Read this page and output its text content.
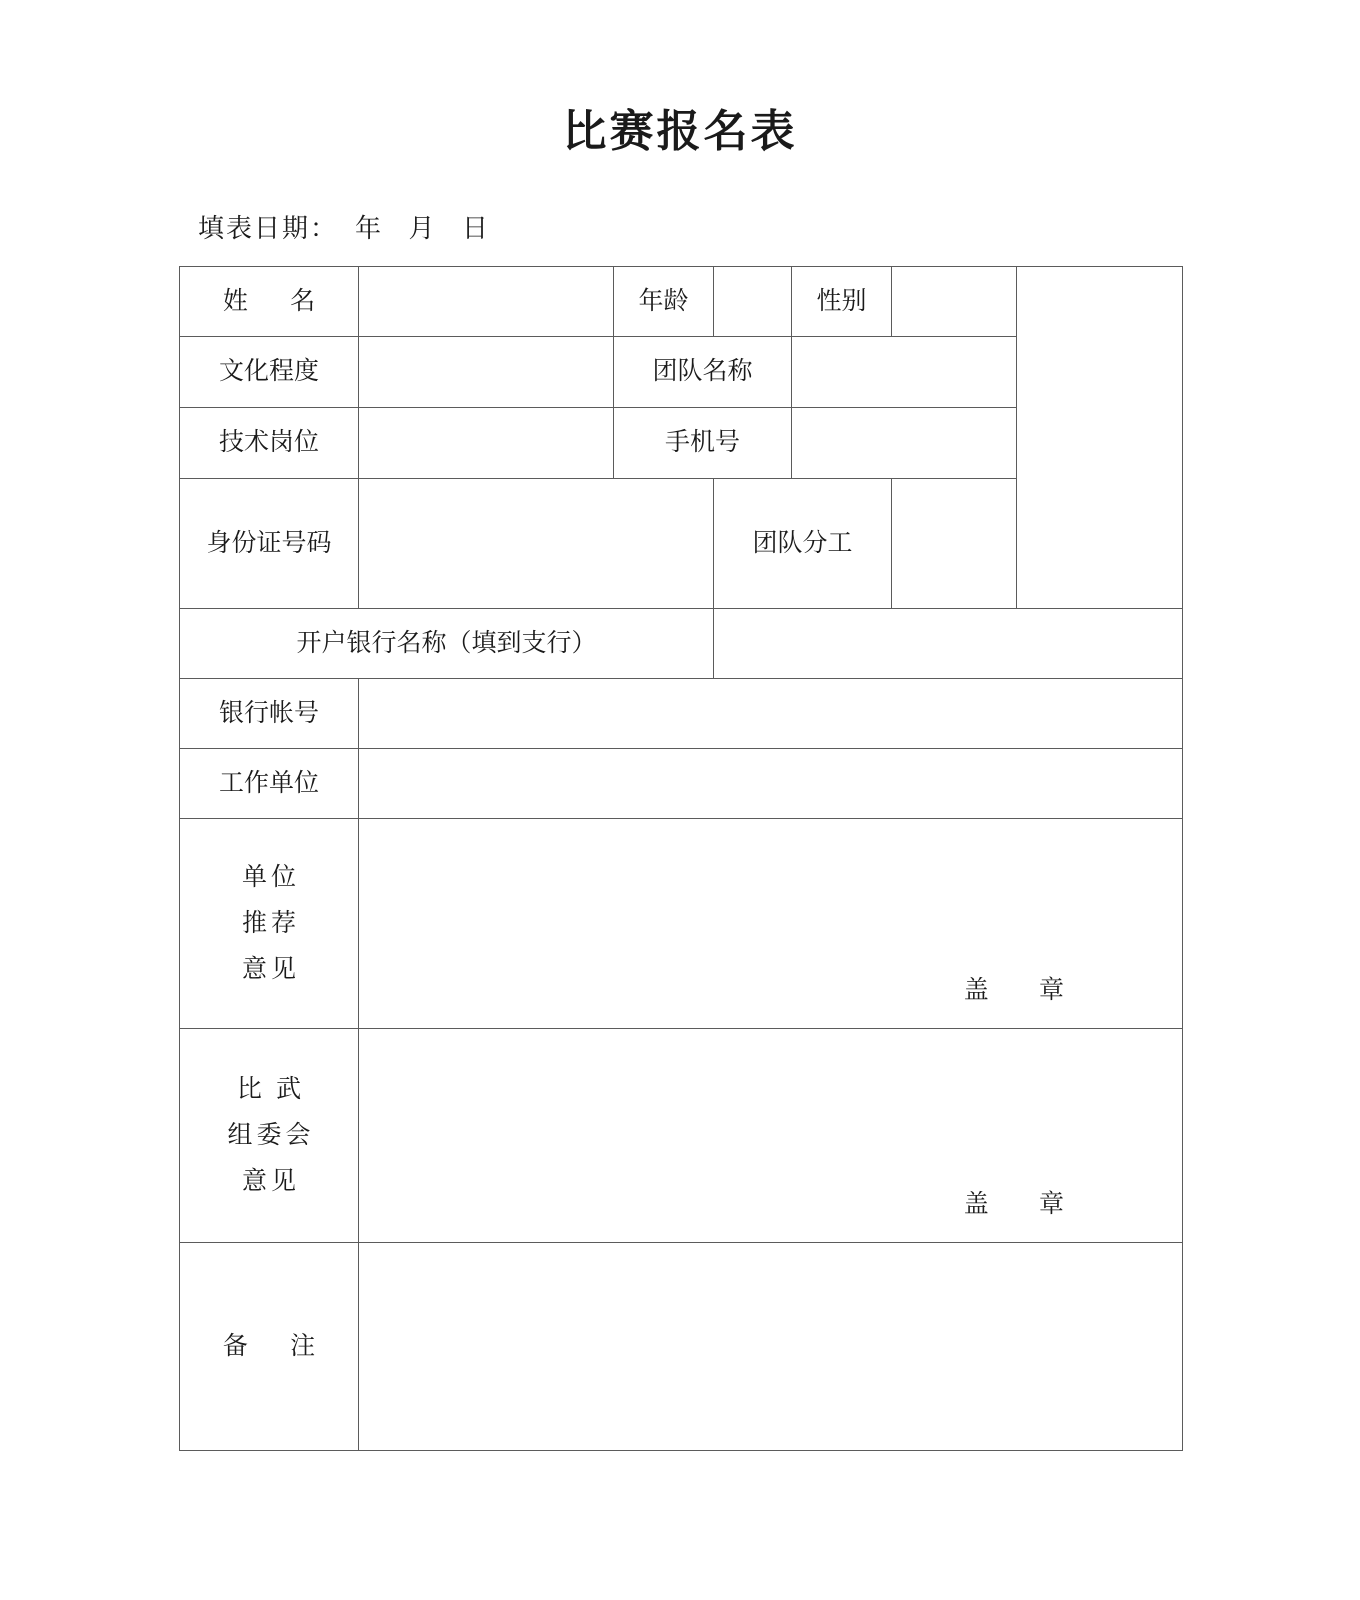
比赛报名表
填表日期：  年   月   日
姓 名		年龄		性别		
文化程度		团队名称				
技术岗位		手机号				
身份证号码			团队分工			
开户银行名称（填到支行）						
银行帐号						
工作单位						

单位
推荐
意见	盖 章					

比 武
组委会
意见	盖 章					

备 注						
